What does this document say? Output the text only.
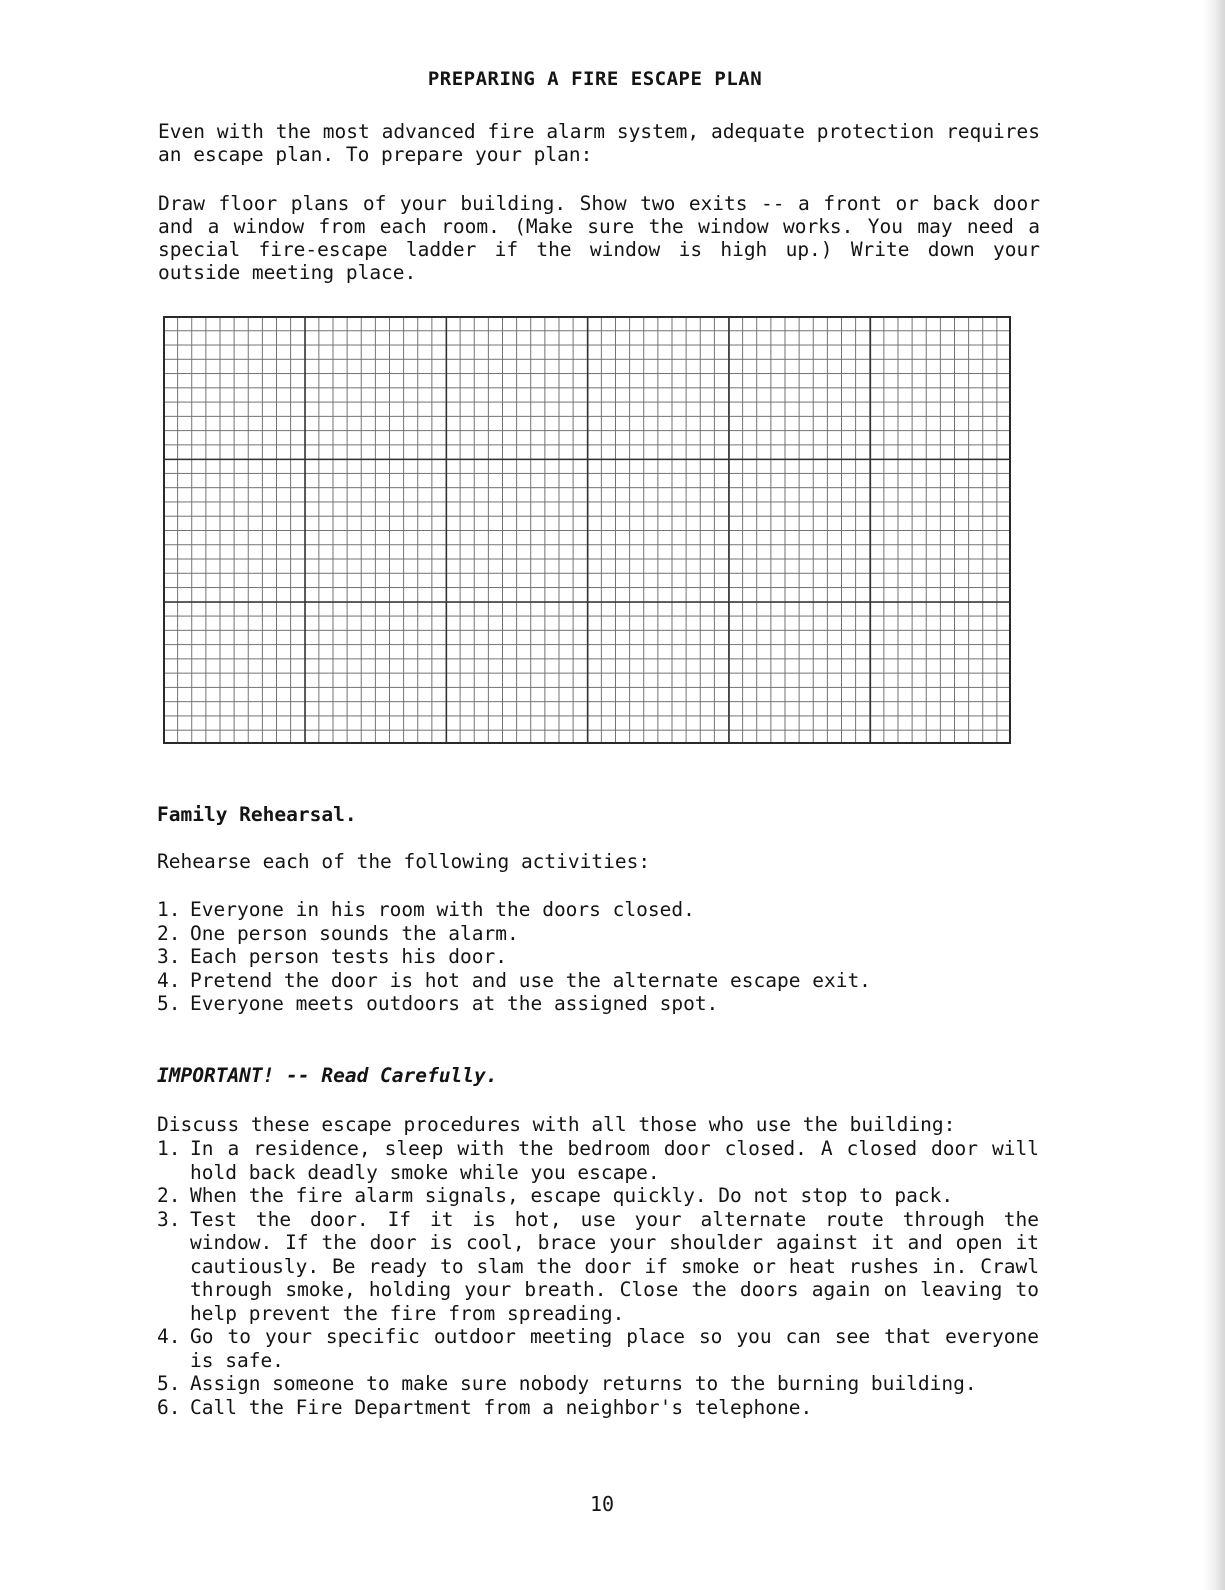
PREPARING A FIRE ESCAPE PLAN
Even with the most advanced fire alarm system, adequate protection requires an escape plan. To prepare your plan:
Draw floor plans of your building. Show two exits -- a front or back door and a window from each room. (Make sure the window works. You may need a special fire-escape ladder if the window is high up.) Write down your outside meeting place.
Family Rehearsal.
Rehearse each of the following activities:
1. Everyone in his room with the doors closed.
2. One person sounds the alarm.
3. Each person tests his door.
4. Pretend the door is hot and use the alternate escape exit.
5. Everyone meets outdoors at the assigned spot.
IMPORTANT! -- Read Carefully.
Discuss these escape procedures with all those who use the building:
1. In a residence, sleep with the bedroom door closed. A closed door will hold back deadly smoke while you escape.
2. When the fire alarm signals, escape quickly. Do not stop to pack.
3. Test the door. If it is hot, use your alternate route through the window. If the door is cool, brace your shoulder against it and open it cautiously. Be ready to slam the door if smoke or heat rushes in. Crawl through smoke, holding your breath. Close the doors again on leaving to help prevent the fire from spreading.
4. Go to your specific outdoor meeting place so you can see that everyone is safe.
5. Assign someone to make sure nobody returns to the burning building.
6. Call the Fire Department from a neighbor's telephone.
10
